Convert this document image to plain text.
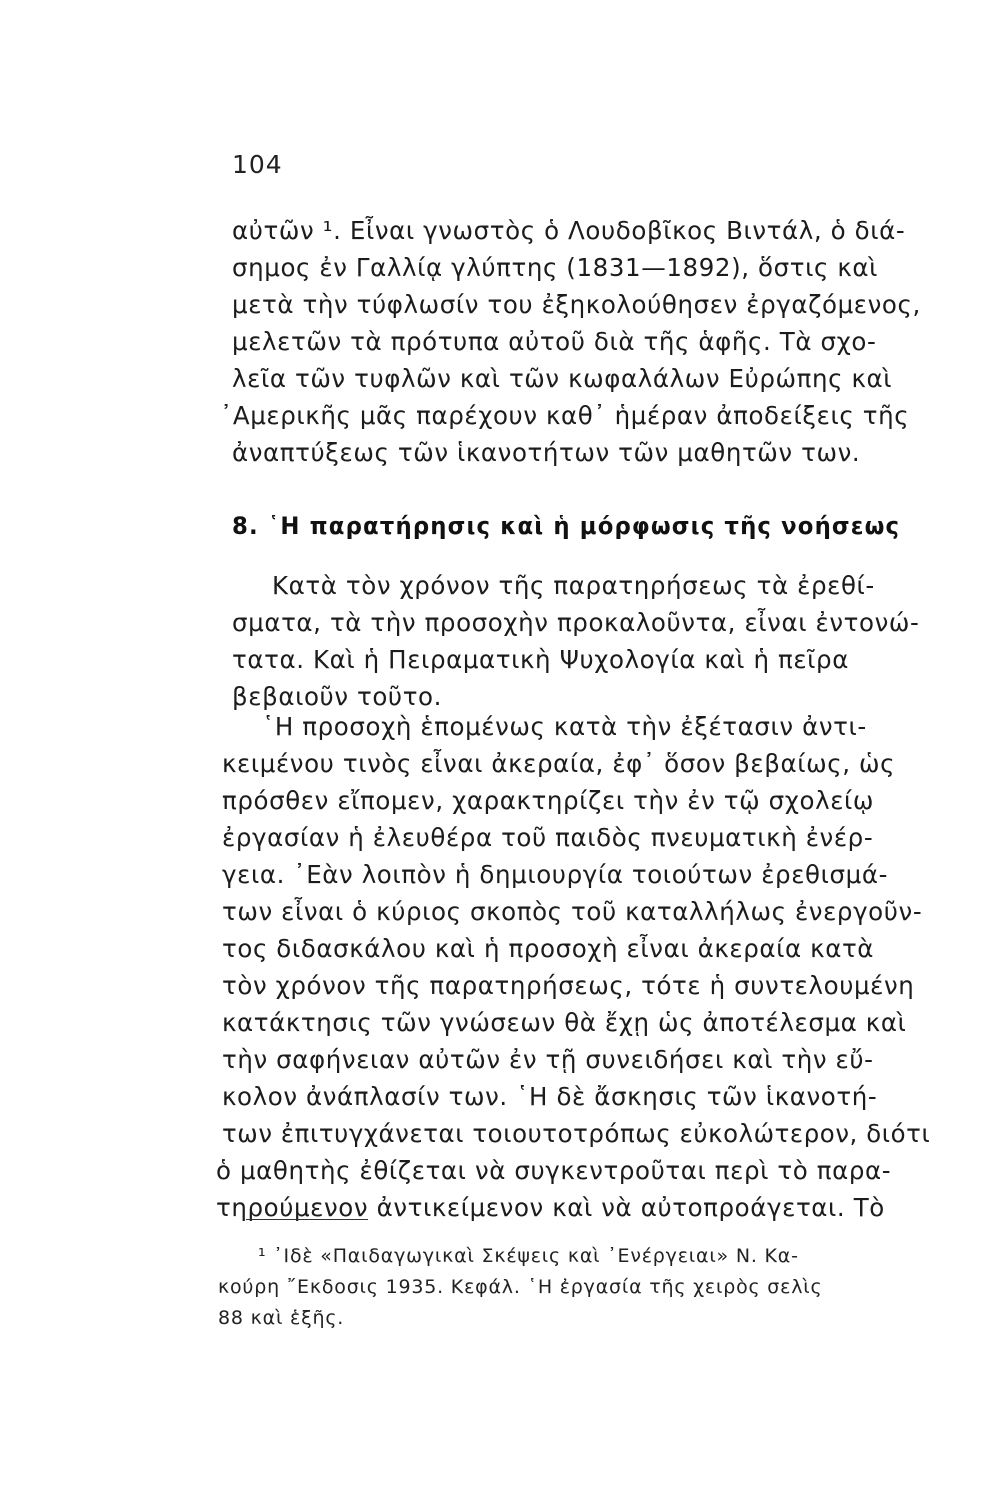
104
αὐτῶν ¹. Εἶναι γνωστὸς ὁ Λουδοβῖκος Βιντάλ, ὁ διά-
σημος ἐν Γαλλίᾳ γλύπτης (1831—1892), ὅστις καὶ
μετὰ τὴν τύφλωσίν του ἐξηκολούθησεν ἐργαζόμενος,
μελετῶν τὰ πρότυπα αὐτοῦ διὰ τῆς ἁφῆς. Τὰ σχο-
λεῖα τῶν τυφλῶν καὶ τῶν κωφαλάλων Εὐρώπης καὶ
᾿Αμερικῆς μᾶς παρέχουν καθ᾿ ἡμέραν ἀποδείξεις τῆς
ἀναπτύξεως τῶν ἱκανοτήτων τῶν μαθητῶν των.
8. ῾Η παρατήρησις καὶ ἡ μόρφωσις τῆς νοήσεως
Κατὰ τὸν χρόνον τῆς παρατηρήσεως τὰ ἐρεθί-
σματα, τὰ τὴν προσοχὴν προκαλοῦντα, εἶναι ἐντονώ-
τατα. Καὶ ἡ Πειραματικὴ Ψυχολογία καὶ ἡ πεῖρα
βεβαιοῦν τοῦτο.
῾Η προσοχὴ ἑπομένως κατὰ τὴν ἐξέτασιν ἀντι-
κειμένου τινὸς εἶναι ἀκεραία, ἐφ᾿ ὅσον βεβαίως, ὡς
πρόσθεν εἴπομεν, χαρακτηρίζει τὴν ἐν τῷ σχολείῳ
ἐργασίαν ἡ ἐλευθέρα τοῦ παιδὸς πνευματικὴ ἐνέρ-
γεια. ᾿Εὰν λοιπὸν ἡ δημιουργία τοιούτων ἐρεθισμά-
των εἶναι ὁ κύριος σκοπὸς τοῦ καταλλήλως ἐνεργοῦν-
τος διδασκάλου καὶ ἡ προσοχὴ εἶναι ἀκεραία κατὰ
τὸν χρόνον τῆς παρατηρήσεως, τότε ἡ συντελουμένη
κατάκτησις τῶν γνώσεων θὰ ἔχῃ ὡς ἀποτέλεσμα καὶ
τὴν σαφήνειαν αὐτῶν ἐν τῇ συνειδήσει καὶ τὴν εὔ-
κολον ἀνάπλασίν των. ῾Η δὲ ἄσκησις τῶν ἱκανοτή-
των ἐπιτυγχάνεται τοιουτοτρόπως εὐκολώτερον, διότι
ὁ μαθητὴς ἐθίζεται νὰ συγκεντροῦται περὶ τὸ παρα-
τηρούμενον ἀντικείμενον καὶ νὰ αὐτοπροάγεται. Τὸ
¹ ᾿Ιδὲ «Παιδαγωγικαὶ Σκέψεις καὶ ᾿Ενέργειαι» Ν. Κα-
κούρη ῎Εκδοσις 1935. Κεφάλ. ῾Η ἐργασία τῆς χειρὸς σελὶς
88 καὶ ἑξῆς.
